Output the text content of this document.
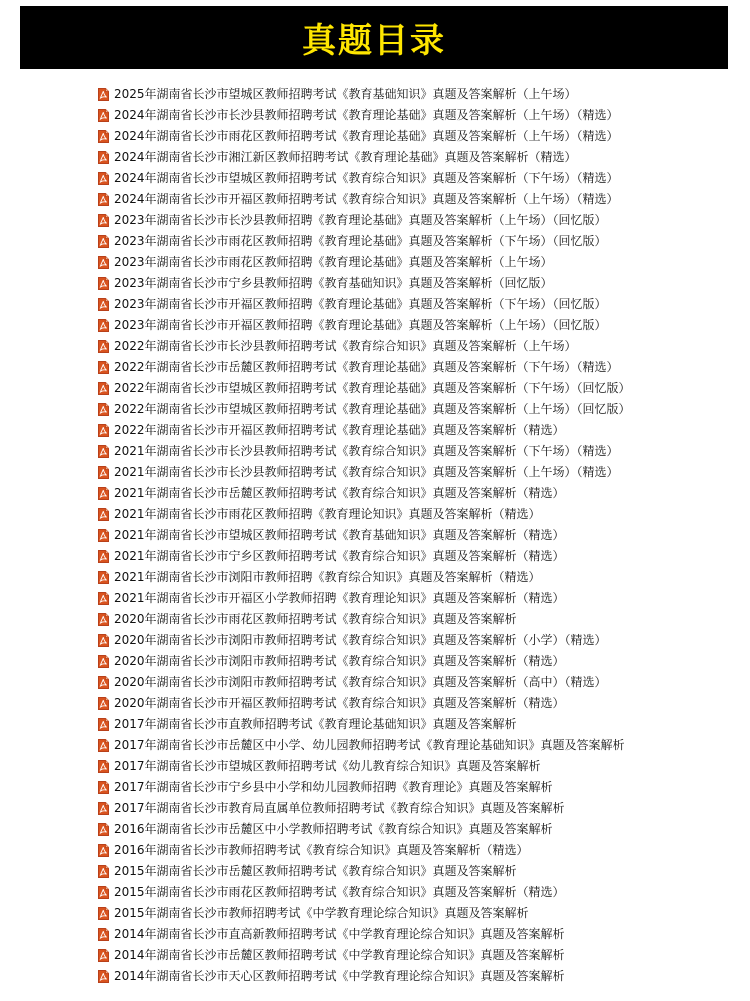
真题目录
2025年湖南省长沙市望城区教师招聘考试《教育基础知识》真题及答案解析（上午场）
2024年湖南省长沙市长沙县教师招聘考试《教育理论基础》真题及答案解析（上午场）（精选）
2024年湖南省长沙市雨花区教师招聘考试《教育理论基础》真题及答案解析（上午场）（精选）
2024年湖南省长沙市湘江新区教师招聘考试《教育理论基础》真题及答案解析（精选）
2024年湖南省长沙市望城区教师招聘考试《教育综合知识》真题及答案解析（下午场）（精选）
2024年湖南省长沙市开福区教师招聘考试《教育综合知识》真题及答案解析（上午场）（精选）
2023年湖南省长沙市长沙县教师招聘《教育理论基础》真题及答案解析（上午场）（回忆版）
2023年湖南省长沙市雨花区教师招聘《教育理论基础》真题及答案解析（下午场）（回忆版）
2023年湖南省长沙市雨花区教师招聘《教育理论基础》真题及答案解析（上午场）
2023年湖南省长沙市宁乡县教师招聘《教育基础知识》真题及答案解析（回忆版）
2023年湖南省长沙市开福区教师招聘《教育理论基础》真题及答案解析（下午场）（回忆版）
2023年湖南省长沙市开福区教师招聘《教育理论基础》真题及答案解析（上午场）（回忆版）
2022年湖南省长沙市长沙县教师招聘考试《教育综合知识》真题及答案解析（上午场）
2022年湖南省长沙市岳麓区教师招聘考试《教育理论基础》真题及答案解析（下午场）（精选）
2022年湖南省长沙市望城区教师招聘考试《教育理论基础》真题及答案解析（下午场）（回忆版）
2022年湖南省长沙市望城区教师招聘考试《教育理论基础》真题及答案解析（上午场）（回忆版）
2022年湖南省长沙市开福区教师招聘考试《教育理论基础》真题及答案解析（精选）
2021年湖南省长沙市长沙县教师招聘考试《教育综合知识》真题及答案解析（下午场）（精选）
2021年湖南省长沙市长沙县教师招聘考试《教育综合知识》真题及答案解析（上午场）（精选）
2021年湖南省长沙市岳麓区教师招聘考试《教育综合知识》真题及答案解析（精选）
2021年湖南省长沙市雨花区教师招聘《教育理论知识》真题及答案解析（精选）
2021年湖南省长沙市望城区教师招聘考试《教育基础知识》真题及答案解析（精选）
2021年湖南省长沙市宁乡区教师招聘考试《教育综合知识》真题及答案解析（精选）
2021年湖南省长沙市浏阳市教师招聘《教育综合知识》真题及答案解析（精选）
2021年湖南省长沙市开福区小学教师招聘《教育理论知识》真题及答案解析（精选）
2020年湖南省长沙市雨花区教师招聘考试《教育综合知识》真题及答案解析
2020年湖南省长沙市浏阳市教师招聘考试《教育综合知识》真题及答案解析（小学）（精选）
2020年湖南省长沙市浏阳市教师招聘考试《教育综合知识》真题及答案解析（精选）
2020年湖南省长沙市浏阳市教师招聘考试《教育综合知识》真题及答案解析（高中）（精选）
2020年湖南省长沙市开福区教师招聘考试《教育综合知识》真题及答案解析（精选）
2017年湖南省长沙市直教师招聘考试《教育理论基础知识》真题及答案解析
2017年湖南省长沙市岳麓区中小学、幼儿园教师招聘考试《教育理论基础知识》真题及答案解析
2017年湖南省长沙市望城区教师招聘考试《幼儿教育综合知识》真题及答案解析
2017年湖南省长沙市宁乡县中小学和幼儿园教师招聘《教育理论》真题及答案解析
2017年湖南省长沙市教育局直属单位教师招聘考试《教育综合知识》真题及答案解析
2016年湖南省长沙市岳麓区中小学教师招聘考试《教育综合知识》真题及答案解析
2016年湖南省长沙市教师招聘考试《教育综合知识》真题及答案解析（精选）
2015年湖南省长沙市岳麓区教师招聘考试《教育综合知识》真题及答案解析
2015年湖南省长沙市雨花区教师招聘考试《教育综合知识》真题及答案解析（精选）
2015年湖南省长沙市教师招聘考试《中学教育理论综合知识》真题及答案解析
2014年湖南省长沙市直高新教师招聘考试《中学教育理论综合知识》真题及答案解析
2014年湖南省长沙市岳麓区教师招聘考试《中学教育理论综合知识》真题及答案解析
2014年湖南省长沙市天心区教师招聘考试《中学教育理论综合知识》真题及答案解析
